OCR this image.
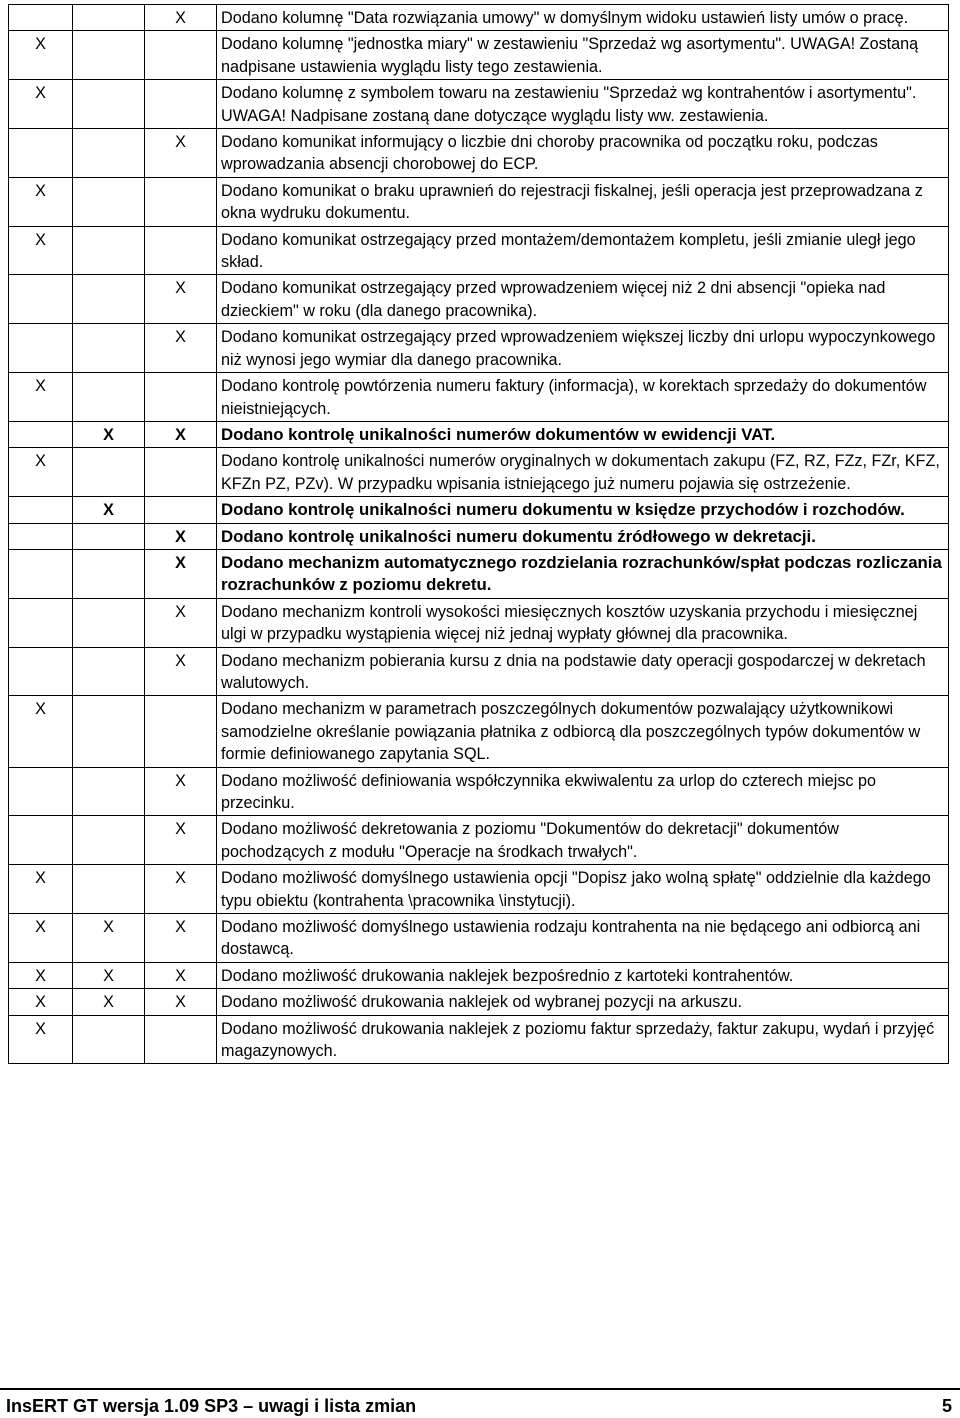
		X	Dodano kolumnę "Data rozwiązania umowy" w domyślnym widoku ustawień listy umów o pracę.
X			Dodano kolumnę "jednostka miary" w zestawieniu "Sprzedaż wg asortymentu". UWAGA! Zostaną nadpisane ustawienia wyglądu listy tego zestawienia.
X			Dodano kolumnę z symbolem towaru na zestawieniu "Sprzedaż wg kontrahentów i asortymentu". UWAGA! Nadpisane zostaną dane dotyczące wyglądu listy ww. zestawienia.
		X	Dodano komunikat informujący o liczbie dni choroby pracownika od początku roku, podczas wprowadzania absencji chorobowej do ECP.
X			Dodano komunikat o braku uprawnień do rejestracji fiskalnej, jeśli operacja jest przeprowadzana z okna wydruku dokumentu.
X			Dodano komunikat ostrzegający przed montażem/demontażem kompletu, jeśli zmianie uległ jego skład.
		X	Dodano komunikat ostrzegający przed wprowadzeniem więcej niż 2 dni absencji "opieka nad dzieckiem" w roku (dla danego pracownika).
		X	Dodano komunikat ostrzegający przed wprowadzeniem większej liczby dni urlopu wypoczynkowego niż wynosi jego wymiar dla danego pracownika.
X			Dodano kontrolę powtórzenia numeru faktury (informacja), w korektach sprzedaży do dokumentów nieistniejących.
	X	X	Dodano kontrolę unikalności numerów dokumentów w ewidencji VAT.
X			Dodano kontrolę unikalności numerów oryginalnych w dokumentach zakupu (FZ, RZ, FZz, FZr, KFZ, KFZn PZ, PZv). W przypadku wpisania istniejącego już numeru pojawia się ostrzeżenie.
	X		Dodano kontrolę unikalności numeru dokumentu w księdze przychodów i rozchodów.
		X	Dodano kontrolę unikalności numeru dokumentu źródłowego w dekretacji.
		X	Dodano mechanizm automatycznego rozdzielania rozrachunków/spłat podczas rozliczania rozrachunków z poziomu dekretu.
		X	Dodano mechanizm kontroli wysokości miesięcznych kosztów uzyskania przychodu i miesięcznej ulgi w przypadku wystąpienia więcej niż jednaj wypłaty głównej dla pracownika.
		X	Dodano mechanizm pobierania kursu z dnia na podstawie daty operacji gospodarczej w dekretach walutowych.
X			Dodano mechanizm w parametrach poszczególnych dokumentów pozwalający użytkownikowi samodzielne określanie powiązania płatnika z odbiorcą dla poszczególnych typów dokumentów w formie definiowanego zapytania SQL.
		X	Dodano możliwość definiowania współczynnika ekwiwalentu za urlop do czterech miejsc po przecinku.
		X	Dodano możliwość dekretowania z poziomu "Dokumentów do dekretacji" dokumentów pochodzących z modułu "Operacje na środkach trwałych".
X		X	Dodano możliwość domyślnego ustawienia opcji "Dopisz jako wolną spłatę" oddzielnie dla każdego typu obiektu (kontrahenta \pracownika \instytucji).
X	X	X	Dodano możliwość domyślnego ustawienia rodzaju kontrahenta na nie będącego ani odbiorcą ani dostawcą.
X	X	X	Dodano możliwość drukowania naklejek bezpośrednio z kartoteki kontrahentów.
X	X	X	Dodano możliwość drukowania naklejek od wybranej pozycji na arkuszu.
X			Dodano możliwość drukowania naklejek z poziomu faktur sprzedaży, faktur zakupu, wydań i przyjęć magazynowych.
InsERT GT wersja 1.09 SP3 – uwagi i lista zmian	5
